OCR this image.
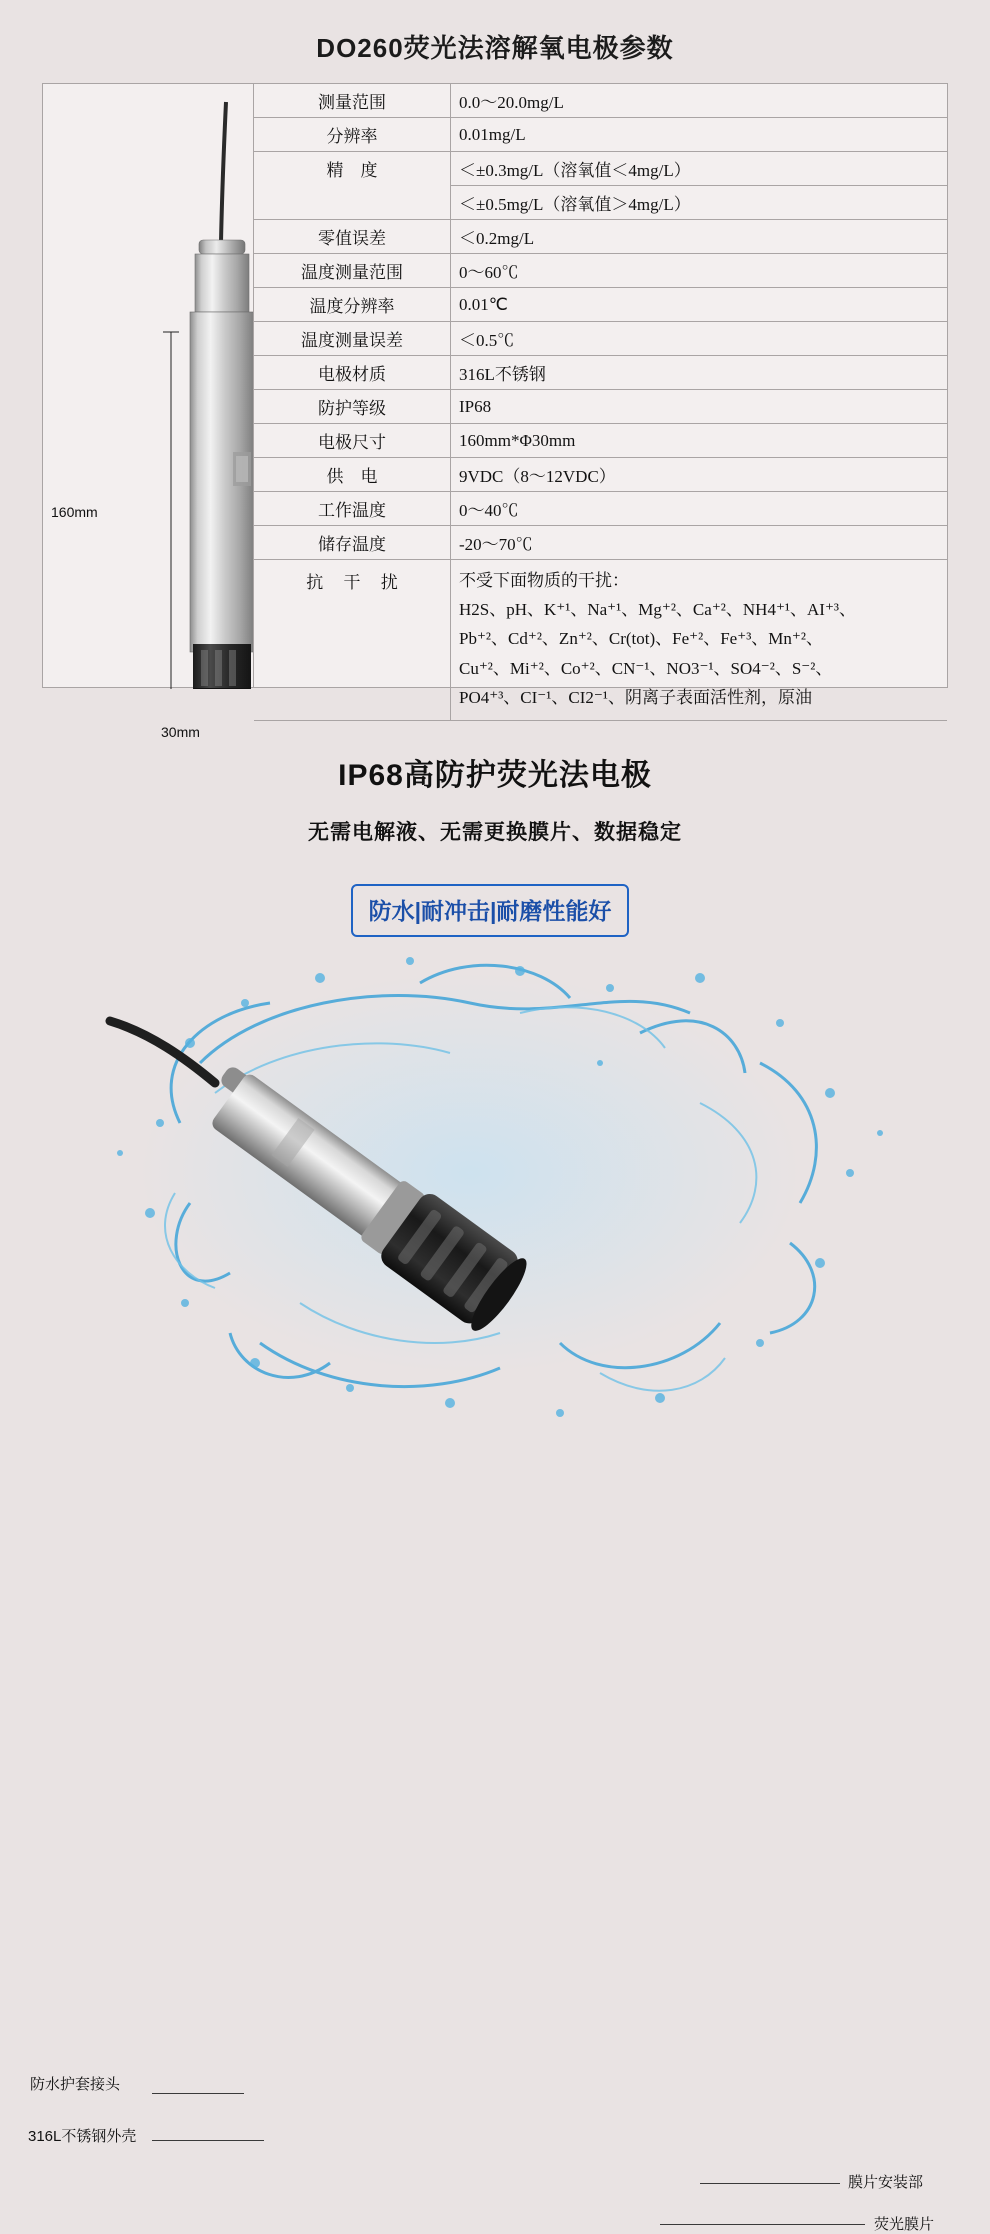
DO260荧光法溶解氧电极参数
160mm
30mm
测量范围	0.0～20.0mg/L
分辨率	0.01mg/L
精　度	＜±0.3mg/L（溶氧值＜4mg/L）
	＜±0.5mg/L（溶氧值＞4mg/L）
零值误差	＜0.2mg/L
温度测量范围	0～60℃
温度分辨率	0.01℃
温度测量误差	＜0.5℃
电极材质	316L不锈钢
防护等级	IP68
电极尺寸	160mm*Φ30mm
供　电	9VDC（8～12VDC）
工作温度	0～40℃
储存温度	-20～70℃
抗 干 扰	不受下面物质的干扰：
H2S、pH、K⁺¹、Na⁺¹、Mg⁺²、Ca⁺²、NH4⁺¹、AI⁺³、
Pb⁺²、Cd⁺²、Zn⁺²、Cr(tot)、Fe⁺²、Fe⁺³、Mn⁺²、
Cu⁺²、Mi⁺²、Co⁺²、CN⁻¹、NO3⁻¹、SO4⁻²、S⁻²、
PO4⁺³、CI⁻¹、CI2⁻¹、阴离子表面活性剂，原油
IP68高防护荧光法电极
无需电解液、无需更换膜片、数据稳定
防水|耐冲击|耐磨性能好
防水护套接头
316L不锈钢外壳
膜片安装部
荧光膜片
